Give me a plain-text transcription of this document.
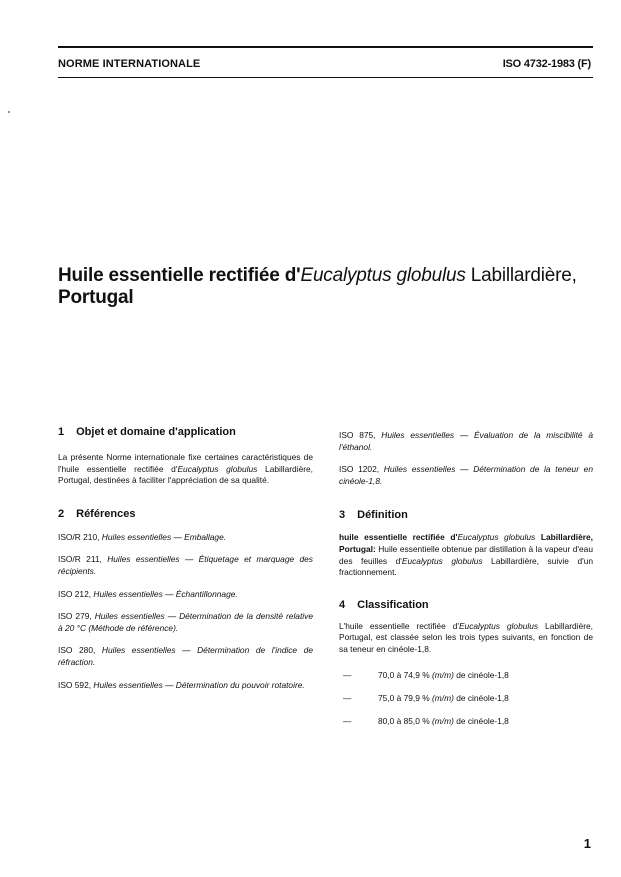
NORME INTERNATIONALE	ISO 4732-1983 (F)
Huile essentielle rectifiée d'Eucalyptus globulus Labillardière,
Portugal
1 Objet et domaine d'application

La présente Norme internationale fixe certaines caractéristiques de l'huile essentielle rectifiée d'Eucalyptus globulus Labillardière, Portugal, destinées à faciliter l'appréciation de sa qualité.

2 Références

ISO/R 210, Huiles essentielles — Emballage.

ISO/R 211, Huiles essentielles — Étiquetage et marquage des récipients.

ISO 212, Huiles essentielles — Échantillonnage.

ISO 279, Huiles essentielles — Détermination de la densité relative à 20 °C (Méthode de référence).

ISO 280, Huiles essentielles — Détermination de l'indice de réfraction.

ISO 592, Huiles essentielles — Détermination du pouvoir rotatoire.

ISO 875, Huiles essentielles — Évaluation de la miscibilité à l'éthanol.

ISO 1202, Huiles essentielles — Détermination de la teneur en cinéole-1,8.

3 Définition

huile essentielle rectifiée d'Eucalyptus globulus Labillardière, Portugal: Huile essentielle obtenue par distillation à la vapeur d'eau des feuilles d'Eucalyptus globulus Labillardière, suivie d'un fractionnement.

4 Classification

L'huile essentielle rectifiée d'Eucalyptus globulus Labillardière, Portugal, est classée selon les trois types suivants, en fonction de sa teneur en cinéole-1,8.

—	70,0 à 74,9 % (m/m) de cinéole-1,8
—	75,0 à 79,9 % (m/m) de cinéole-1,8
—	80,0 à 85,0 % (m/m) de cinéole-1,8
1
